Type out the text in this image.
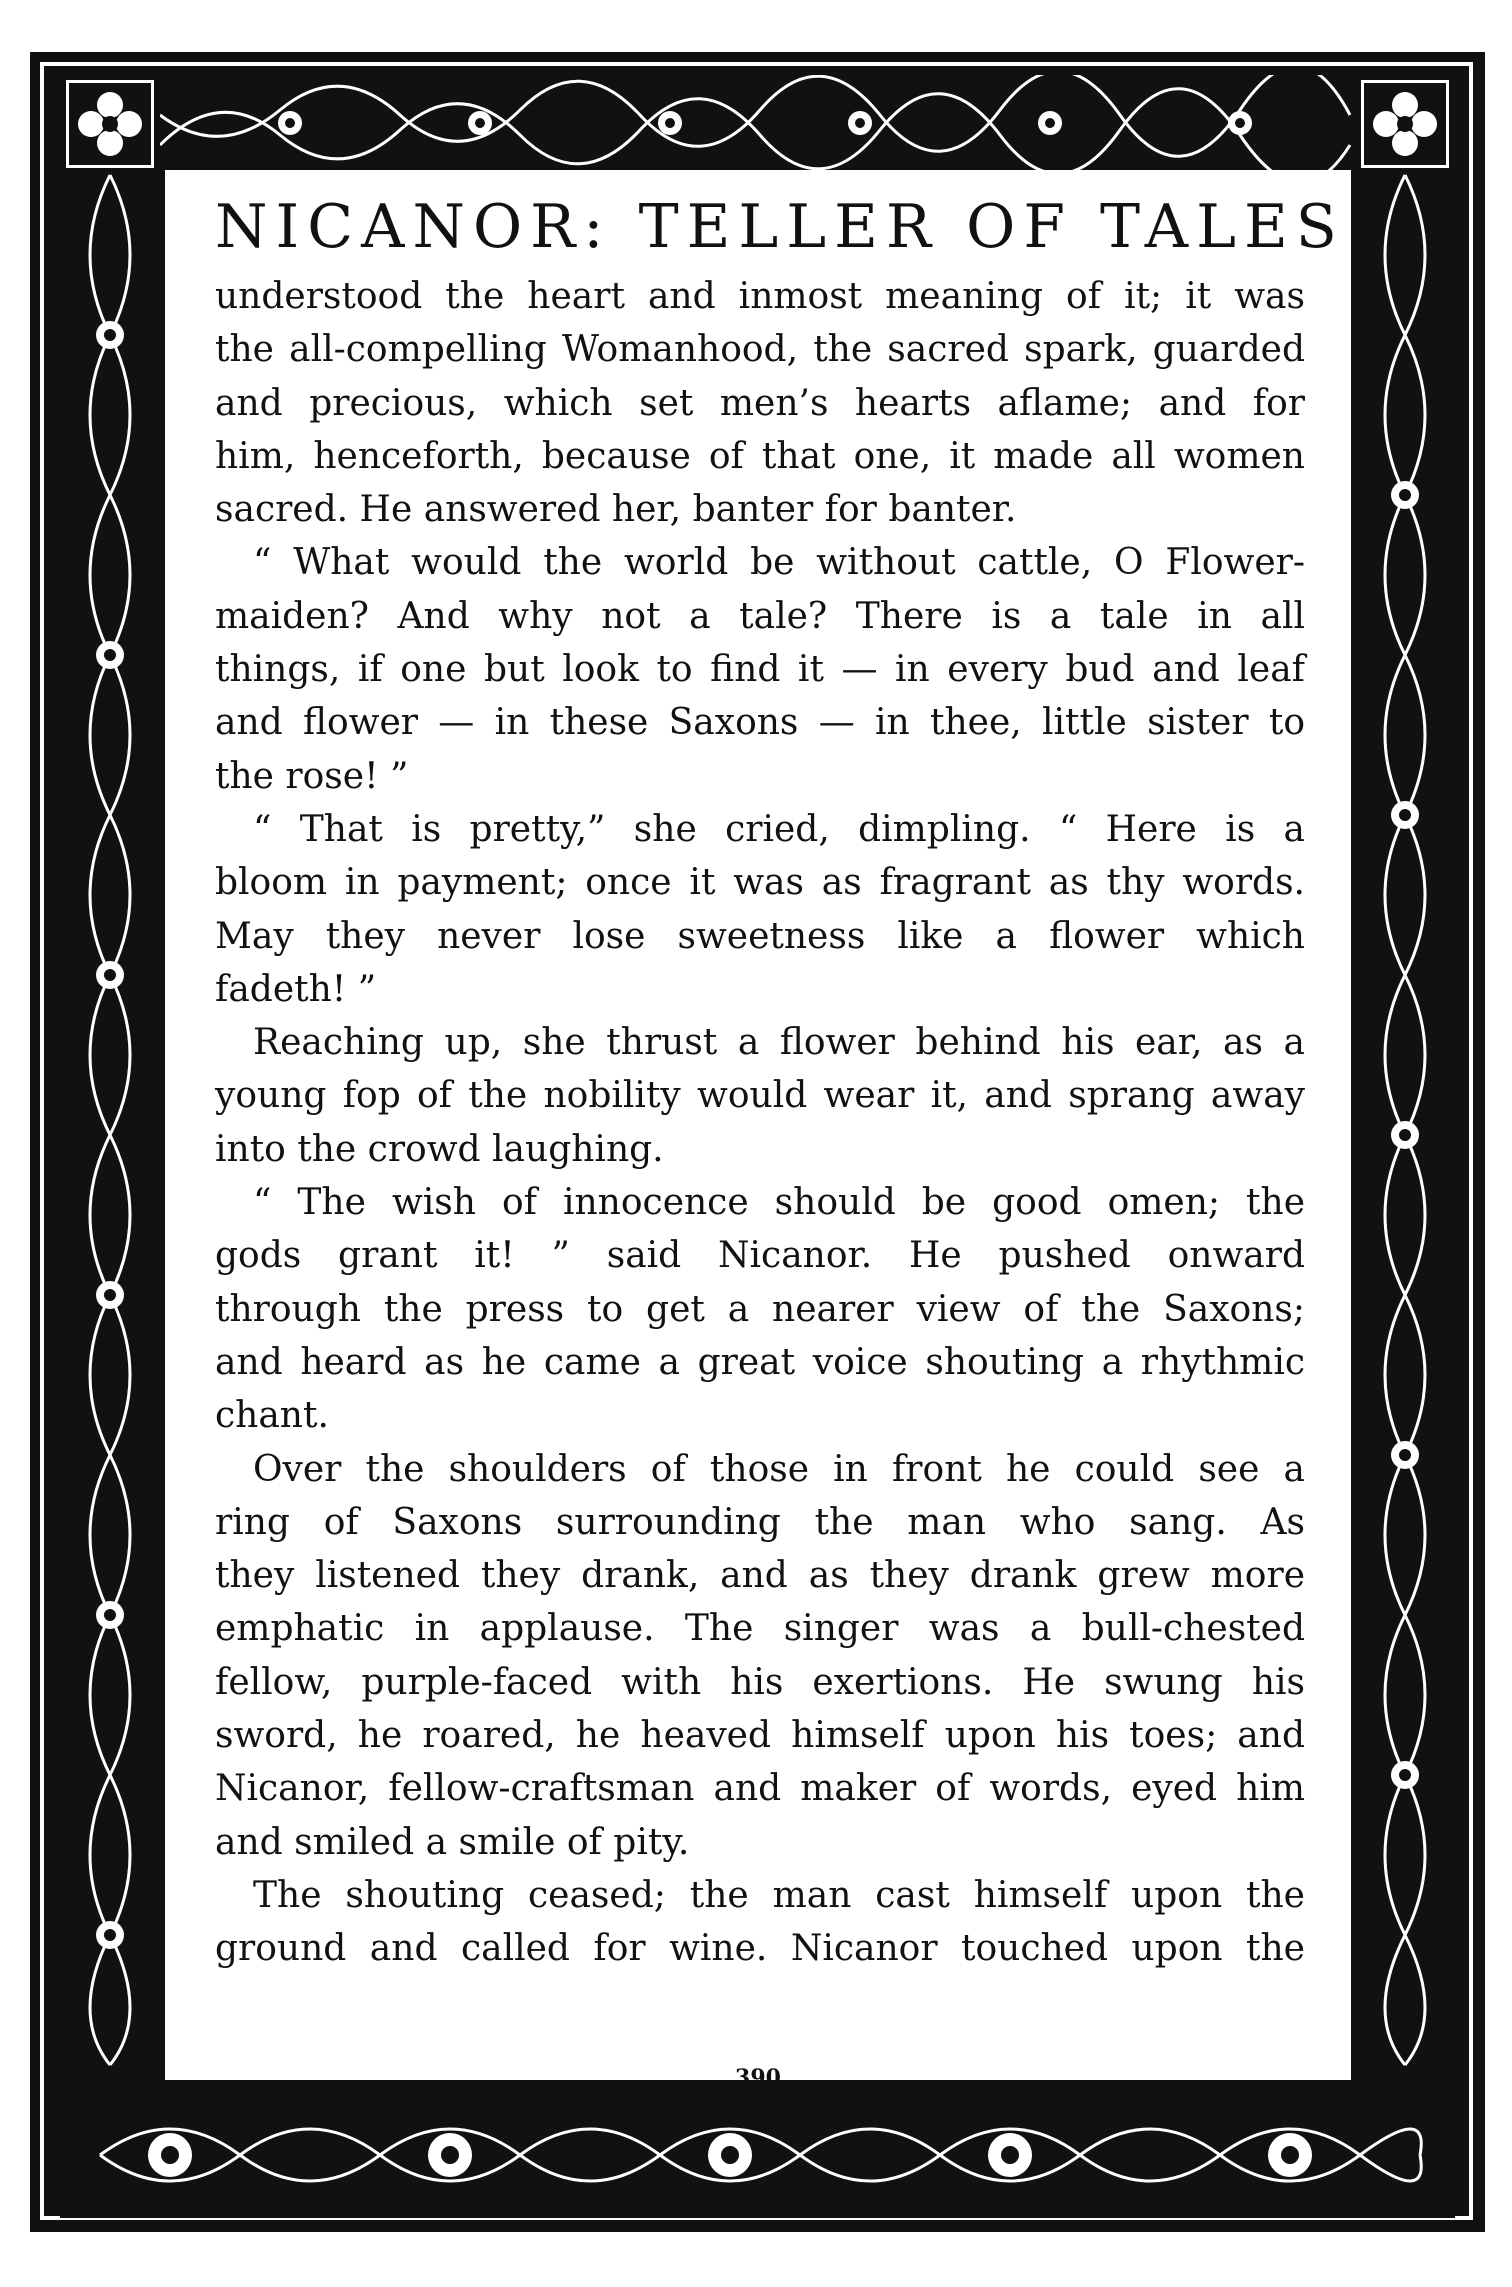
NICANOR: TELLER OF TALES
understood the heart and inmost meaning of it; it was
the all-compelling Womanhood, the sacred spark, guarded
and precious, which set men’s hearts aflame; and for
him, henceforth, because of that one, it made all women
sacred. He answered her, banter for banter.
“ What would the world be without cattle, O Flower-
maiden? And why not a tale? There is a tale in all
things, if one but look to find it — in every bud and leaf
and flower — in these Saxons — in thee, little sister to
the rose! ”
“ That is pretty,” she cried, dimpling. “ Here is a
bloom in payment; once it was as fragrant as thy words.
May they never lose sweetness like a flower which
fadeth! ”
Reaching up, she thrust a flower behind his ear, as a
young fop of the nobility would wear it, and sprang away
into the crowd laughing.
“ The wish of innocence should be good omen; the
gods grant it! ” said Nicanor. He pushed onward
through the press to get a nearer view of the Saxons;
and heard as he came a great voice shouting a rhythmic
chant.
Over the shoulders of those in front he could see a
ring of Saxons surrounding the man who sang. As
they listened they drank, and as they drank grew more
emphatic in applause. The singer was a bull-chested
fellow, purple-faced with his exertions. He swung his
sword, he roared, he heaved himself upon his toes; and
Nicanor, fellow-craftsman and maker of words, eyed him
and smiled a smile of pity.
The shouting ceased; the man cast himself upon the
ground and called for wine. Nicanor touched upon the
390
